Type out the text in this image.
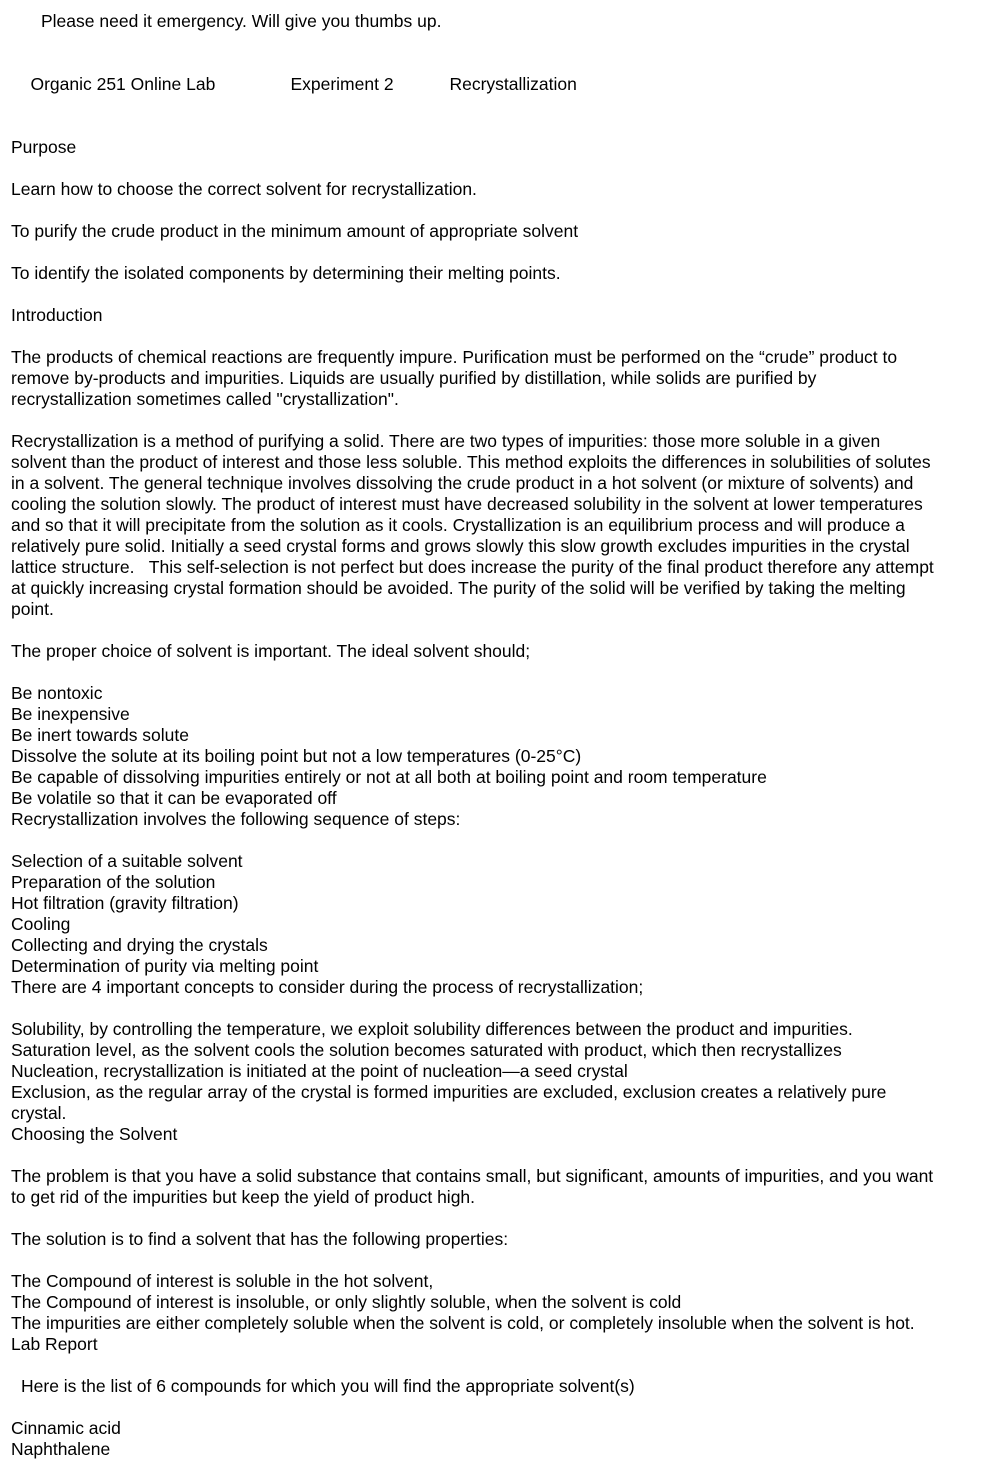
Please need it emergency. Will give you thumbs up.

Organic 251 Online Lab	Experiment 2	Recrystallization

Purpose
Learn how to choose the correct solvent for recrystallization.
To purify the crude product in the minimum amount of appropriate solvent
To identify the isolated components by determining their melting points.
Introduction
The products of chemical reactions are frequently impure. Purification must be performed on the “crude” product to
remove by-products and impurities. Liquids are usually purified by distillation, while solids are purified by
recrystallization sometimes called "crystallization".
Recrystallization is a method of purifying a solid. There are two types of impurities: those more soluble in a given
solvent than the product of interest and those less soluble. This method exploits the differences in solubilities of solutes
in a solvent. The general technique involves dissolving the crude product in a hot solvent (or mixture of solvents) and
cooling the solution slowly. The product of interest must have decreased solubility in the solvent at lower temperatures
and so that it will precipitate from the solution as it cools. Crystallization is an equilibrium process and will produce a
relatively pure solid. Initially a seed crystal forms and grows slowly this slow growth excludes impurities in the crystal
lattice structure.   This self-selection is not perfect but does increase the purity of the final product therefore any attempt
at quickly increasing crystal formation should be avoided. The purity of the solid will be verified by taking the melting
point.
The proper choice of solvent is important. The ideal solvent should;
Be nontoxic
Be inexpensive
Be inert towards solute
Dissolve the solute at its boiling point but not a low temperatures (0-25°C)
Be capable of dissolving impurities entirely or not at all both at boiling point and room temperature
Be volatile so that it can be evaporated off
Recrystallization involves the following sequence of steps:
Selection of a suitable solvent
Preparation of the solution
Hot filtration (gravity filtration)
Cooling
Collecting and drying the crystals
Determination of purity via melting point
There are 4 important concepts to consider during the process of recrystallization;
Solubility, by controlling the temperature, we exploit solubility differences between the product and impurities.
Saturation level, as the solvent cools the solution becomes saturated with product, which then recrystallizes
Nucleation, recrystallization is initiated at the point of nucleation—a seed crystal
Exclusion, as the regular array of the crystal is formed impurities are excluded, exclusion creates a relatively pure
crystal.
Choosing the Solvent
The problem is that you have a solid substance that contains small, but significant, amounts of impurities, and you want
to get rid of the impurities but keep the yield of product high.
The solution is to find a solvent that has the following properties:
The Compound of interest is soluble in the hot solvent,
The Compound of interest is insoluble, or only slightly soluble, when the solvent is cold
The impurities are either completely soluble when the solvent is cold, or completely insoluble when the solvent is hot.
Lab Report
Here is the list of 6 compounds for which you will find the appropriate solvent(s)
Cinnamic acid
Naphthalene
